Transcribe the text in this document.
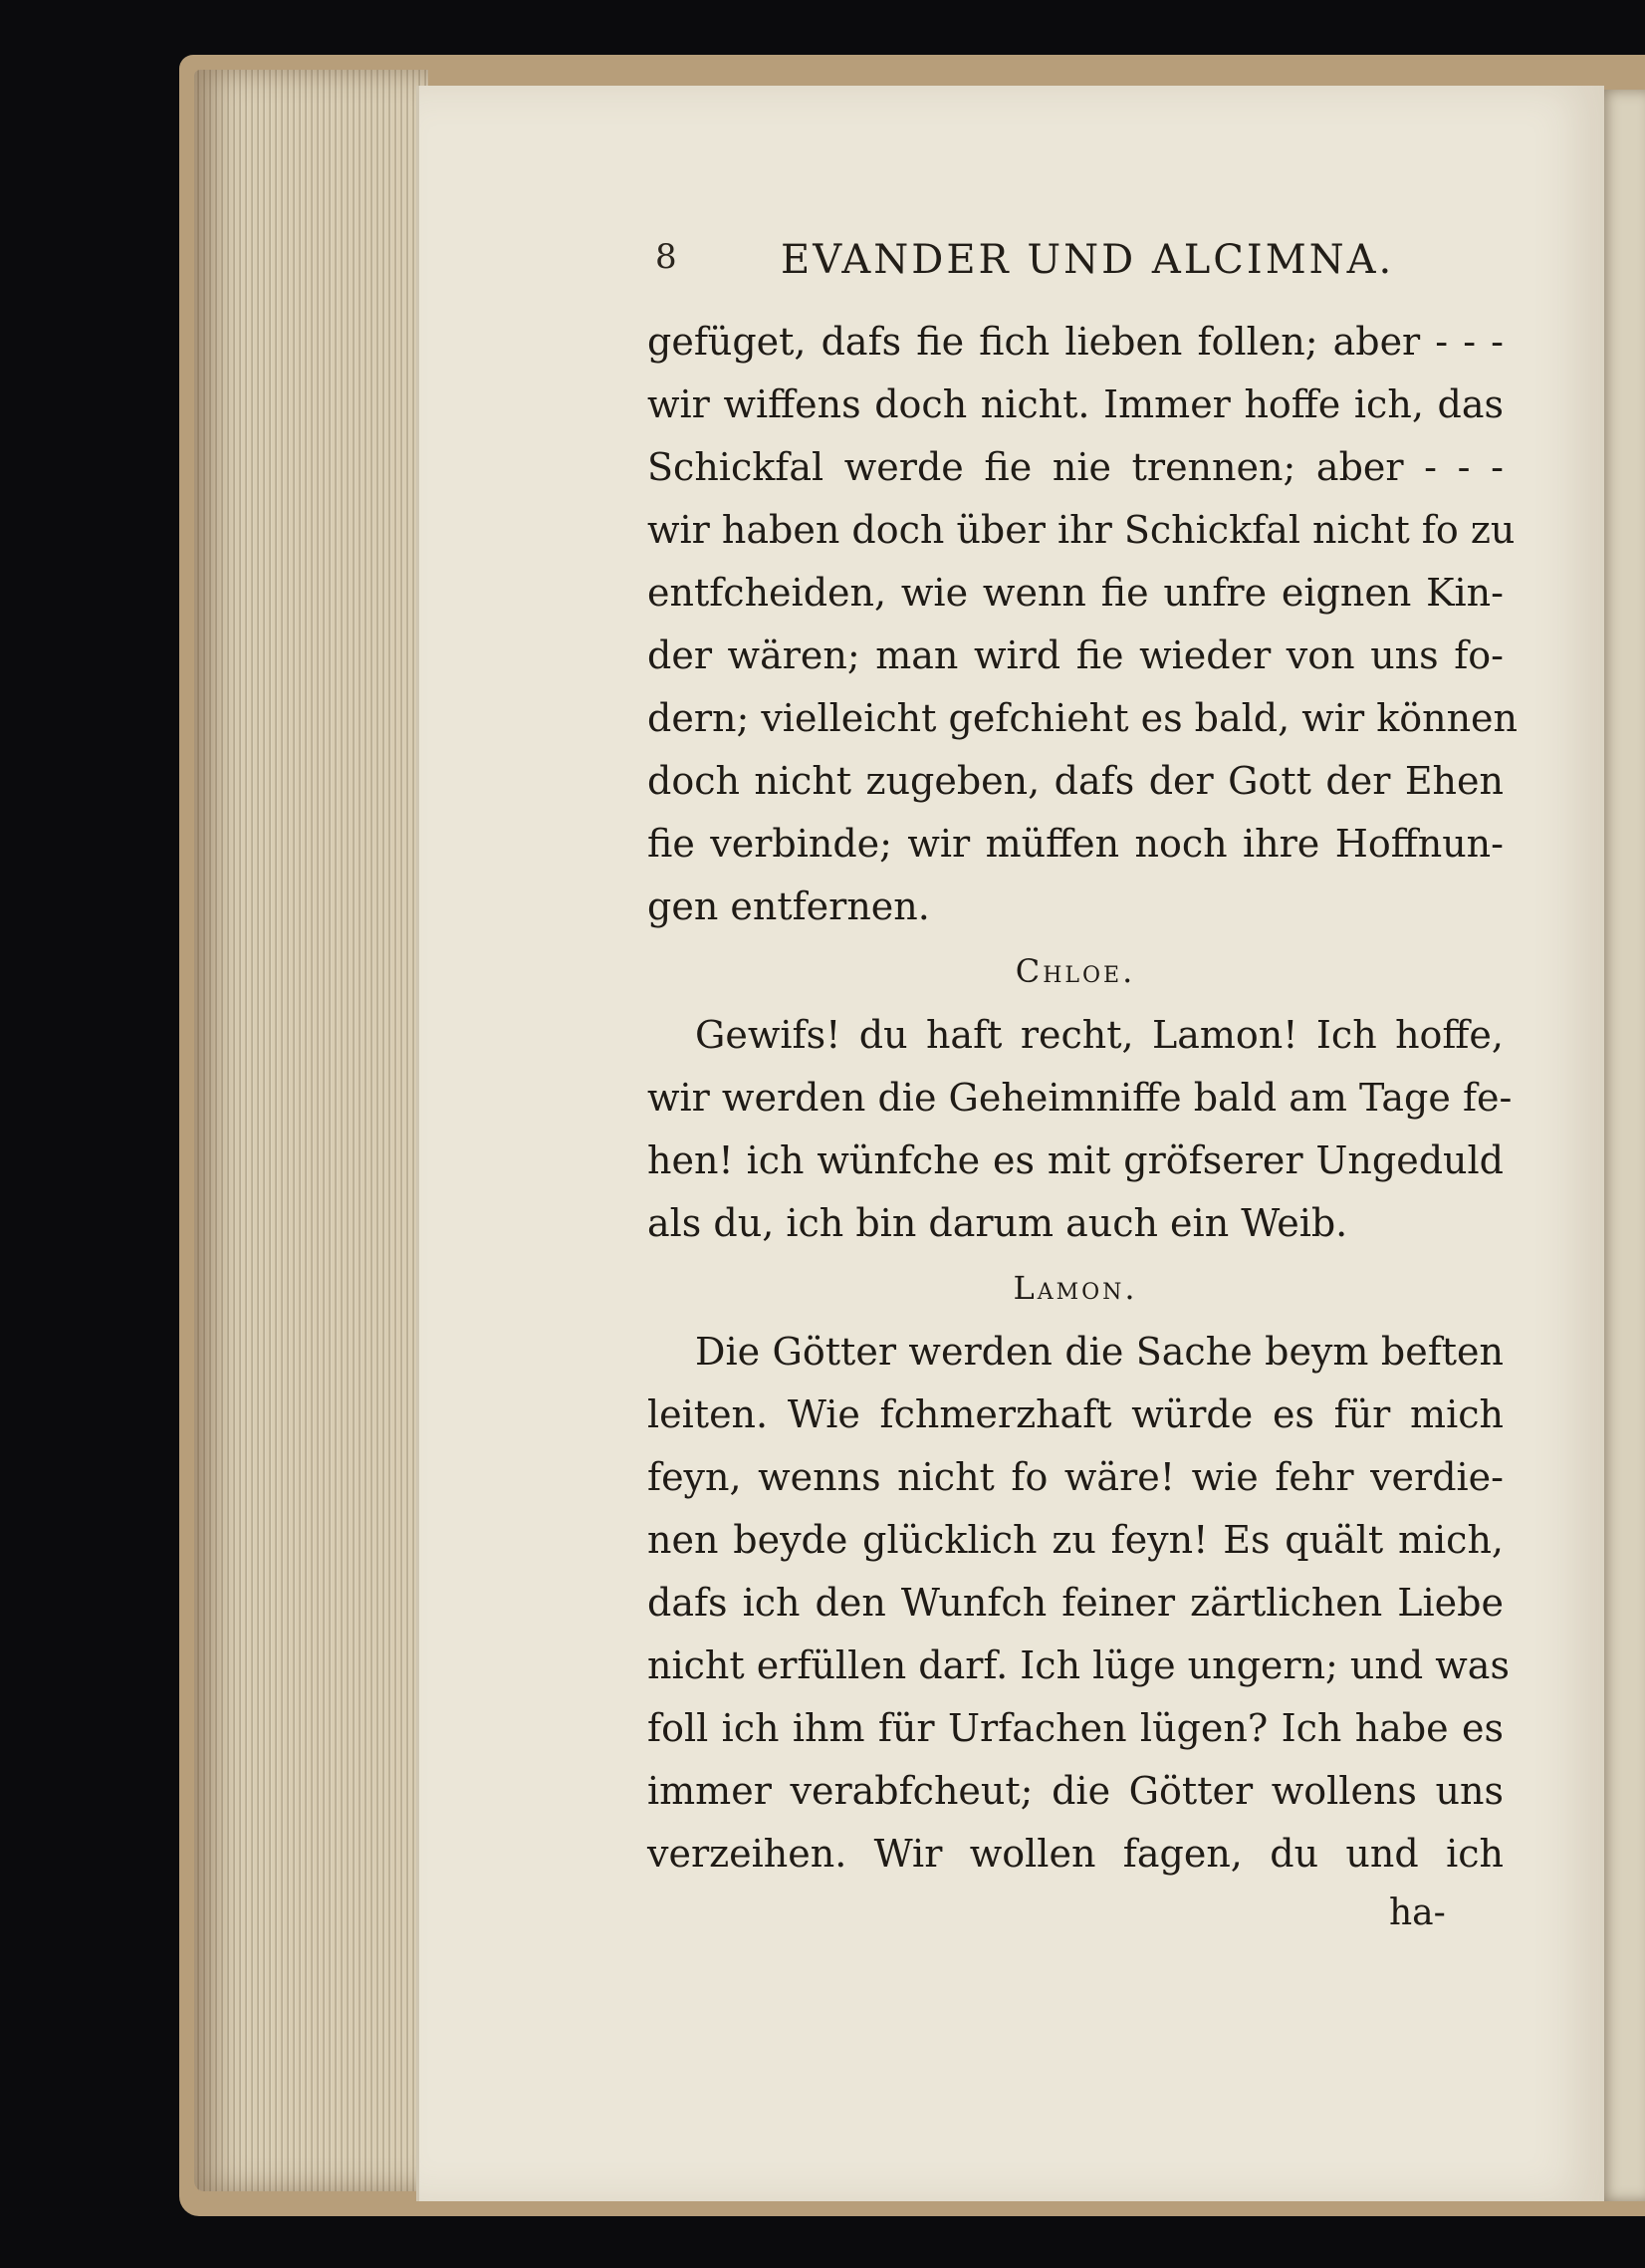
8	EVANDER UND ALCIMNA.
gefüget, dafs fie fich lieben follen; aber - - -
wir wiffens doch nicht. Immer hoffe ich, das
Schickfal werde fie nie trennen; aber - - -
wir haben doch über ihr Schickfal nicht fo zu
entfcheiden, wie wenn fie unfre eignen Kin-
der wären; man wird fie wieder von uns fo-
dern; vielleicht gefchieht es bald, wir können
doch nicht zugeben, dafs der Gott der Ehen
fie verbinde; wir müffen noch ihre Hoffnun-
gen entfernen.
Chloe.
Gewifs! du haft recht, Lamon! Ich hoffe,
wir werden die Geheimniffe bald am Tage fe-
hen! ich wünfche es mit gröfserer Ungeduld
als du, ich bin darum auch ein Weib.
Lamon.
Die Götter werden die Sache beym beften
leiten. Wie fchmerzhaft würde es für mich
feyn, wenns nicht fo wäre! wie fehr verdie-
nen beyde glücklich zu feyn! Es quält mich,
dafs ich den Wunfch feiner zärtlichen Liebe
nicht erfüllen darf. Ich lüge ungern; und was
foll ich ihm für Urfachen lügen? Ich habe es
immer verabfcheut; die Götter wollens uns
verzeihen. Wir wollen fagen, du und ich
ha-
